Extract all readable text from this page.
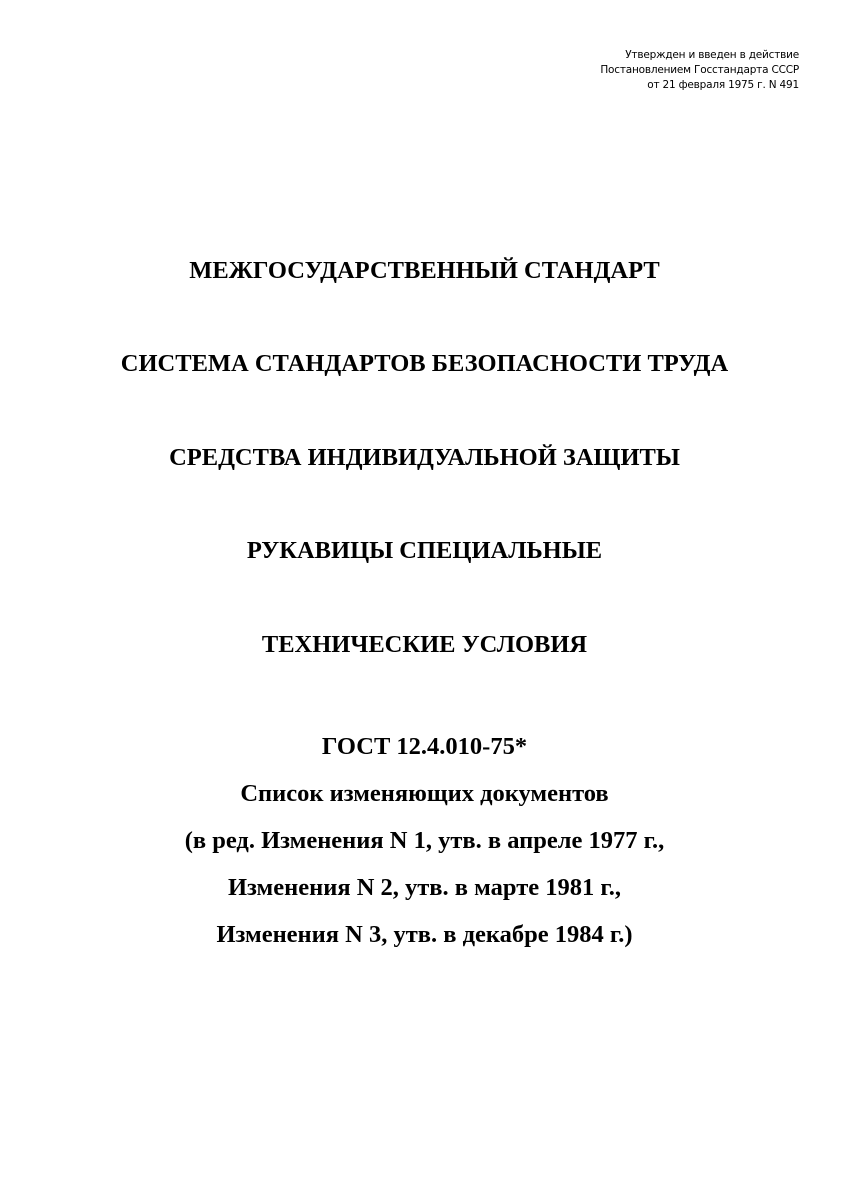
Утвержден и введен в действие
Постановлением Госстандарта СССР
от 21 февраля 1975 г. N 491
МЕЖГОСУДАРСТВЕННЫЙ СТАНДАРТ
СИСТЕМА СТАНДАРТОВ БЕЗОПАСНОСТИ ТРУДА
СРЕДСТВА ИНДИВИДУАЛЬНОЙ ЗАЩИТЫ
РУКАВИЦЫ СПЕЦИАЛЬНЫЕ
ТЕХНИЧЕСКИЕ УСЛОВИЯ
ГОСТ 12.4.010-75*
Список изменяющих документов
(в ред. Изменения N 1, утв. в апреле 1977 г.,
Изменения N 2, утв. в марте 1981 г.,
Изменения N 3, утв. в декабре 1984 г.)
